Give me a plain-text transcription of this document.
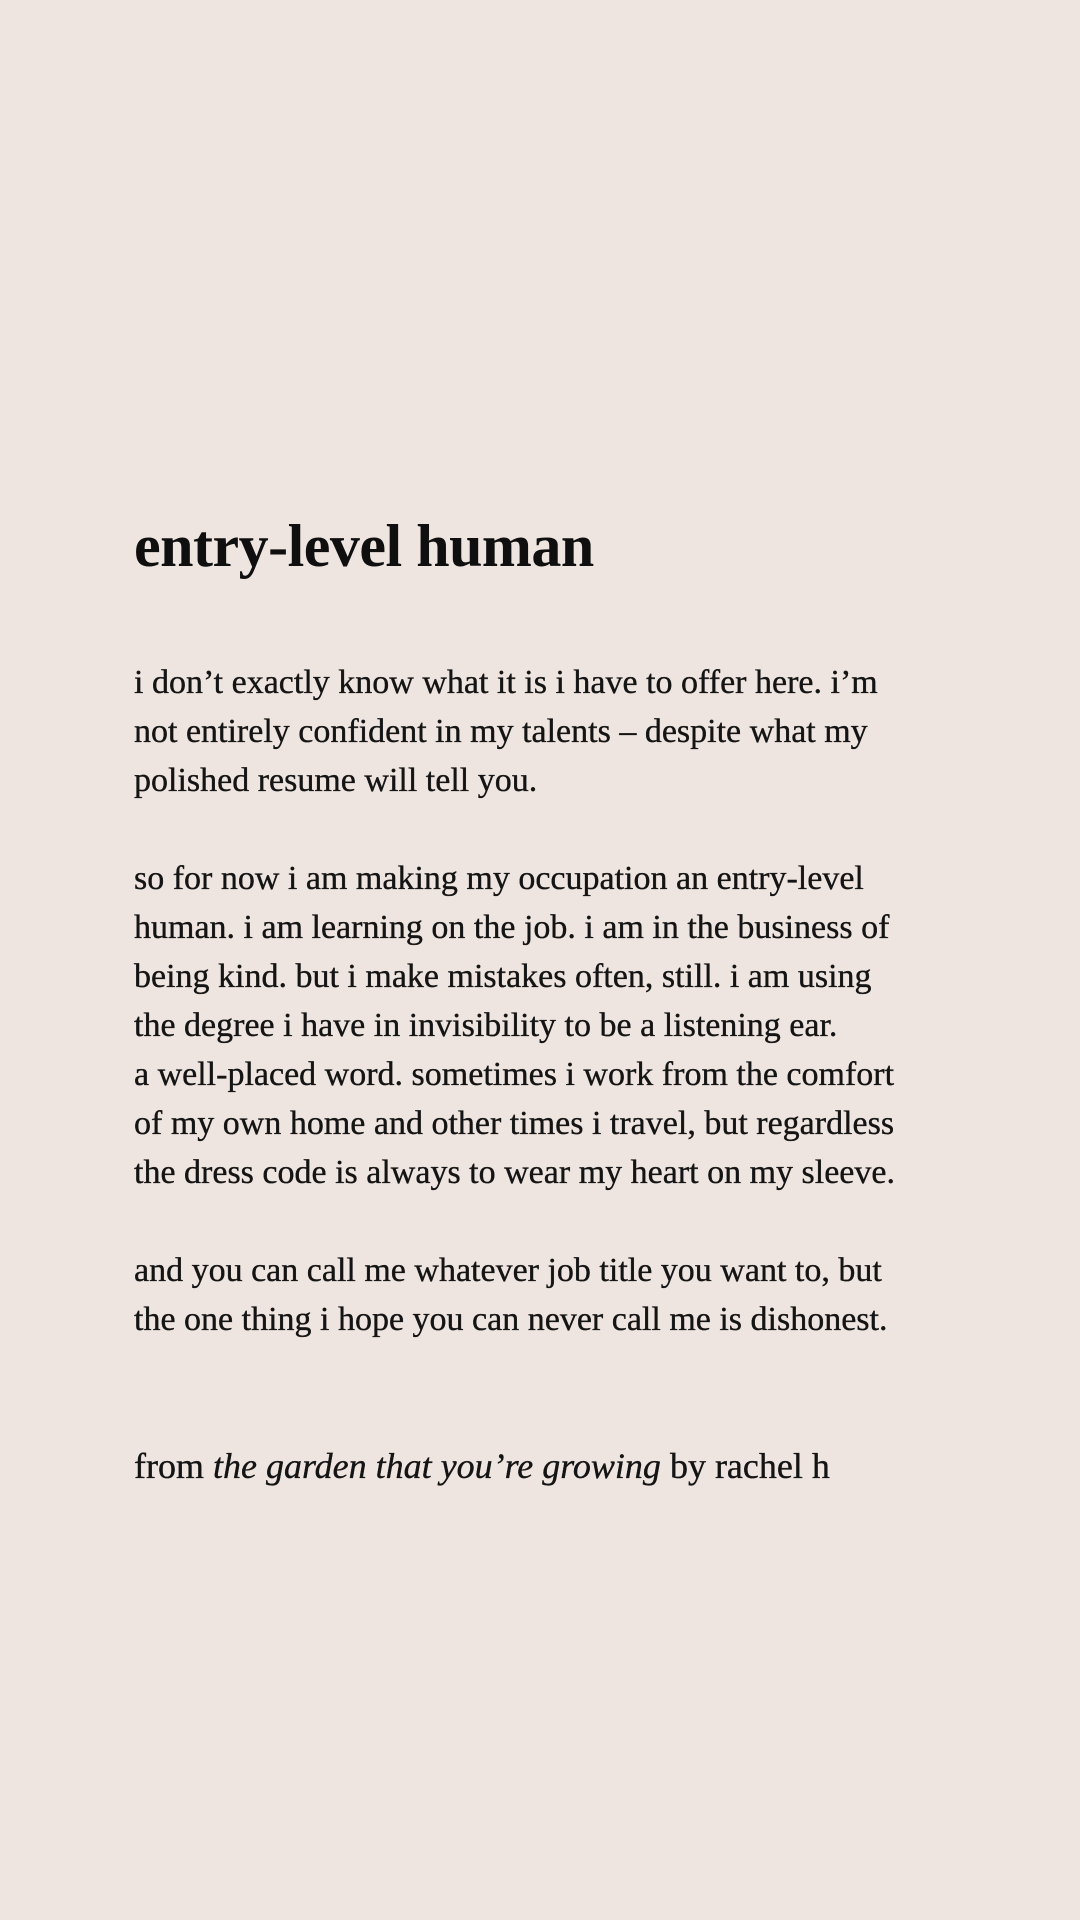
entry-level human

i don’t exactly know what it is i have to offer here. i’m
not entirely confident in my talents – despite what my
polished resume will tell you.

so for now i am making my occupation an entry-level
human. i am learning on the job. i am in the business of
being kind. but i make mistakes often, still. i am using
the degree i have in invisibility to be a listening ear.
a well-placed word. sometimes i work from the comfort
of my own home and other times i travel, but regardless
the dress code is always to wear my heart on my sleeve.

and you can call me whatever job title you want to, but
the one thing i hope you can never call me is dishonest.

from the garden that you’re growing by rachel h
